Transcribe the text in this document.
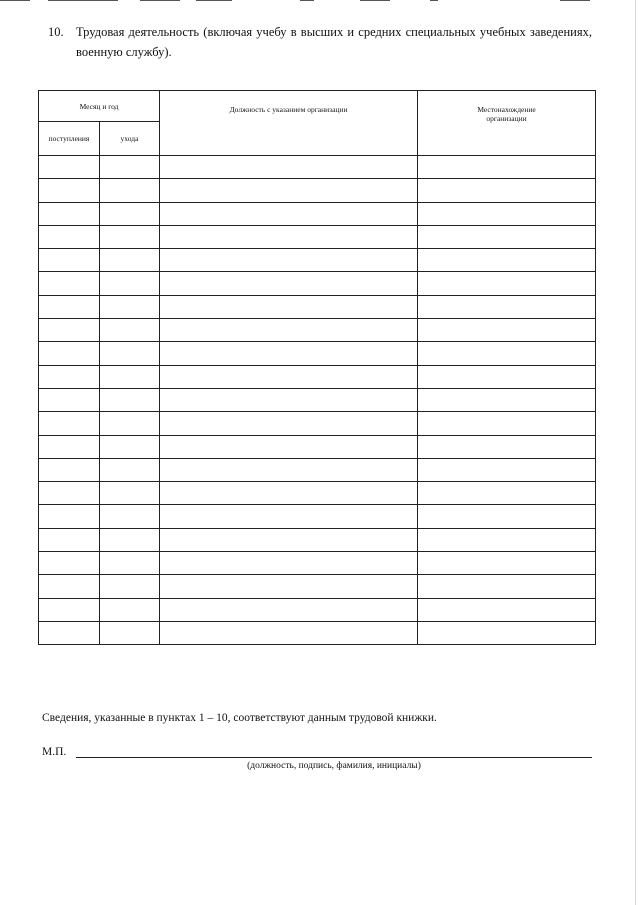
10. Трудовая деятельность (включая учебу в высших и средних специальных учебных заведениях, военную службу).
Месяц и год		Должность с указанием организации	Местонахождение организации
поступления	ухода		

Сведения, указанные в пунктах 1 – 10, соответствуют данным трудовой книжки.
М.П.
(должность, подпись, фамилия, инициалы)
